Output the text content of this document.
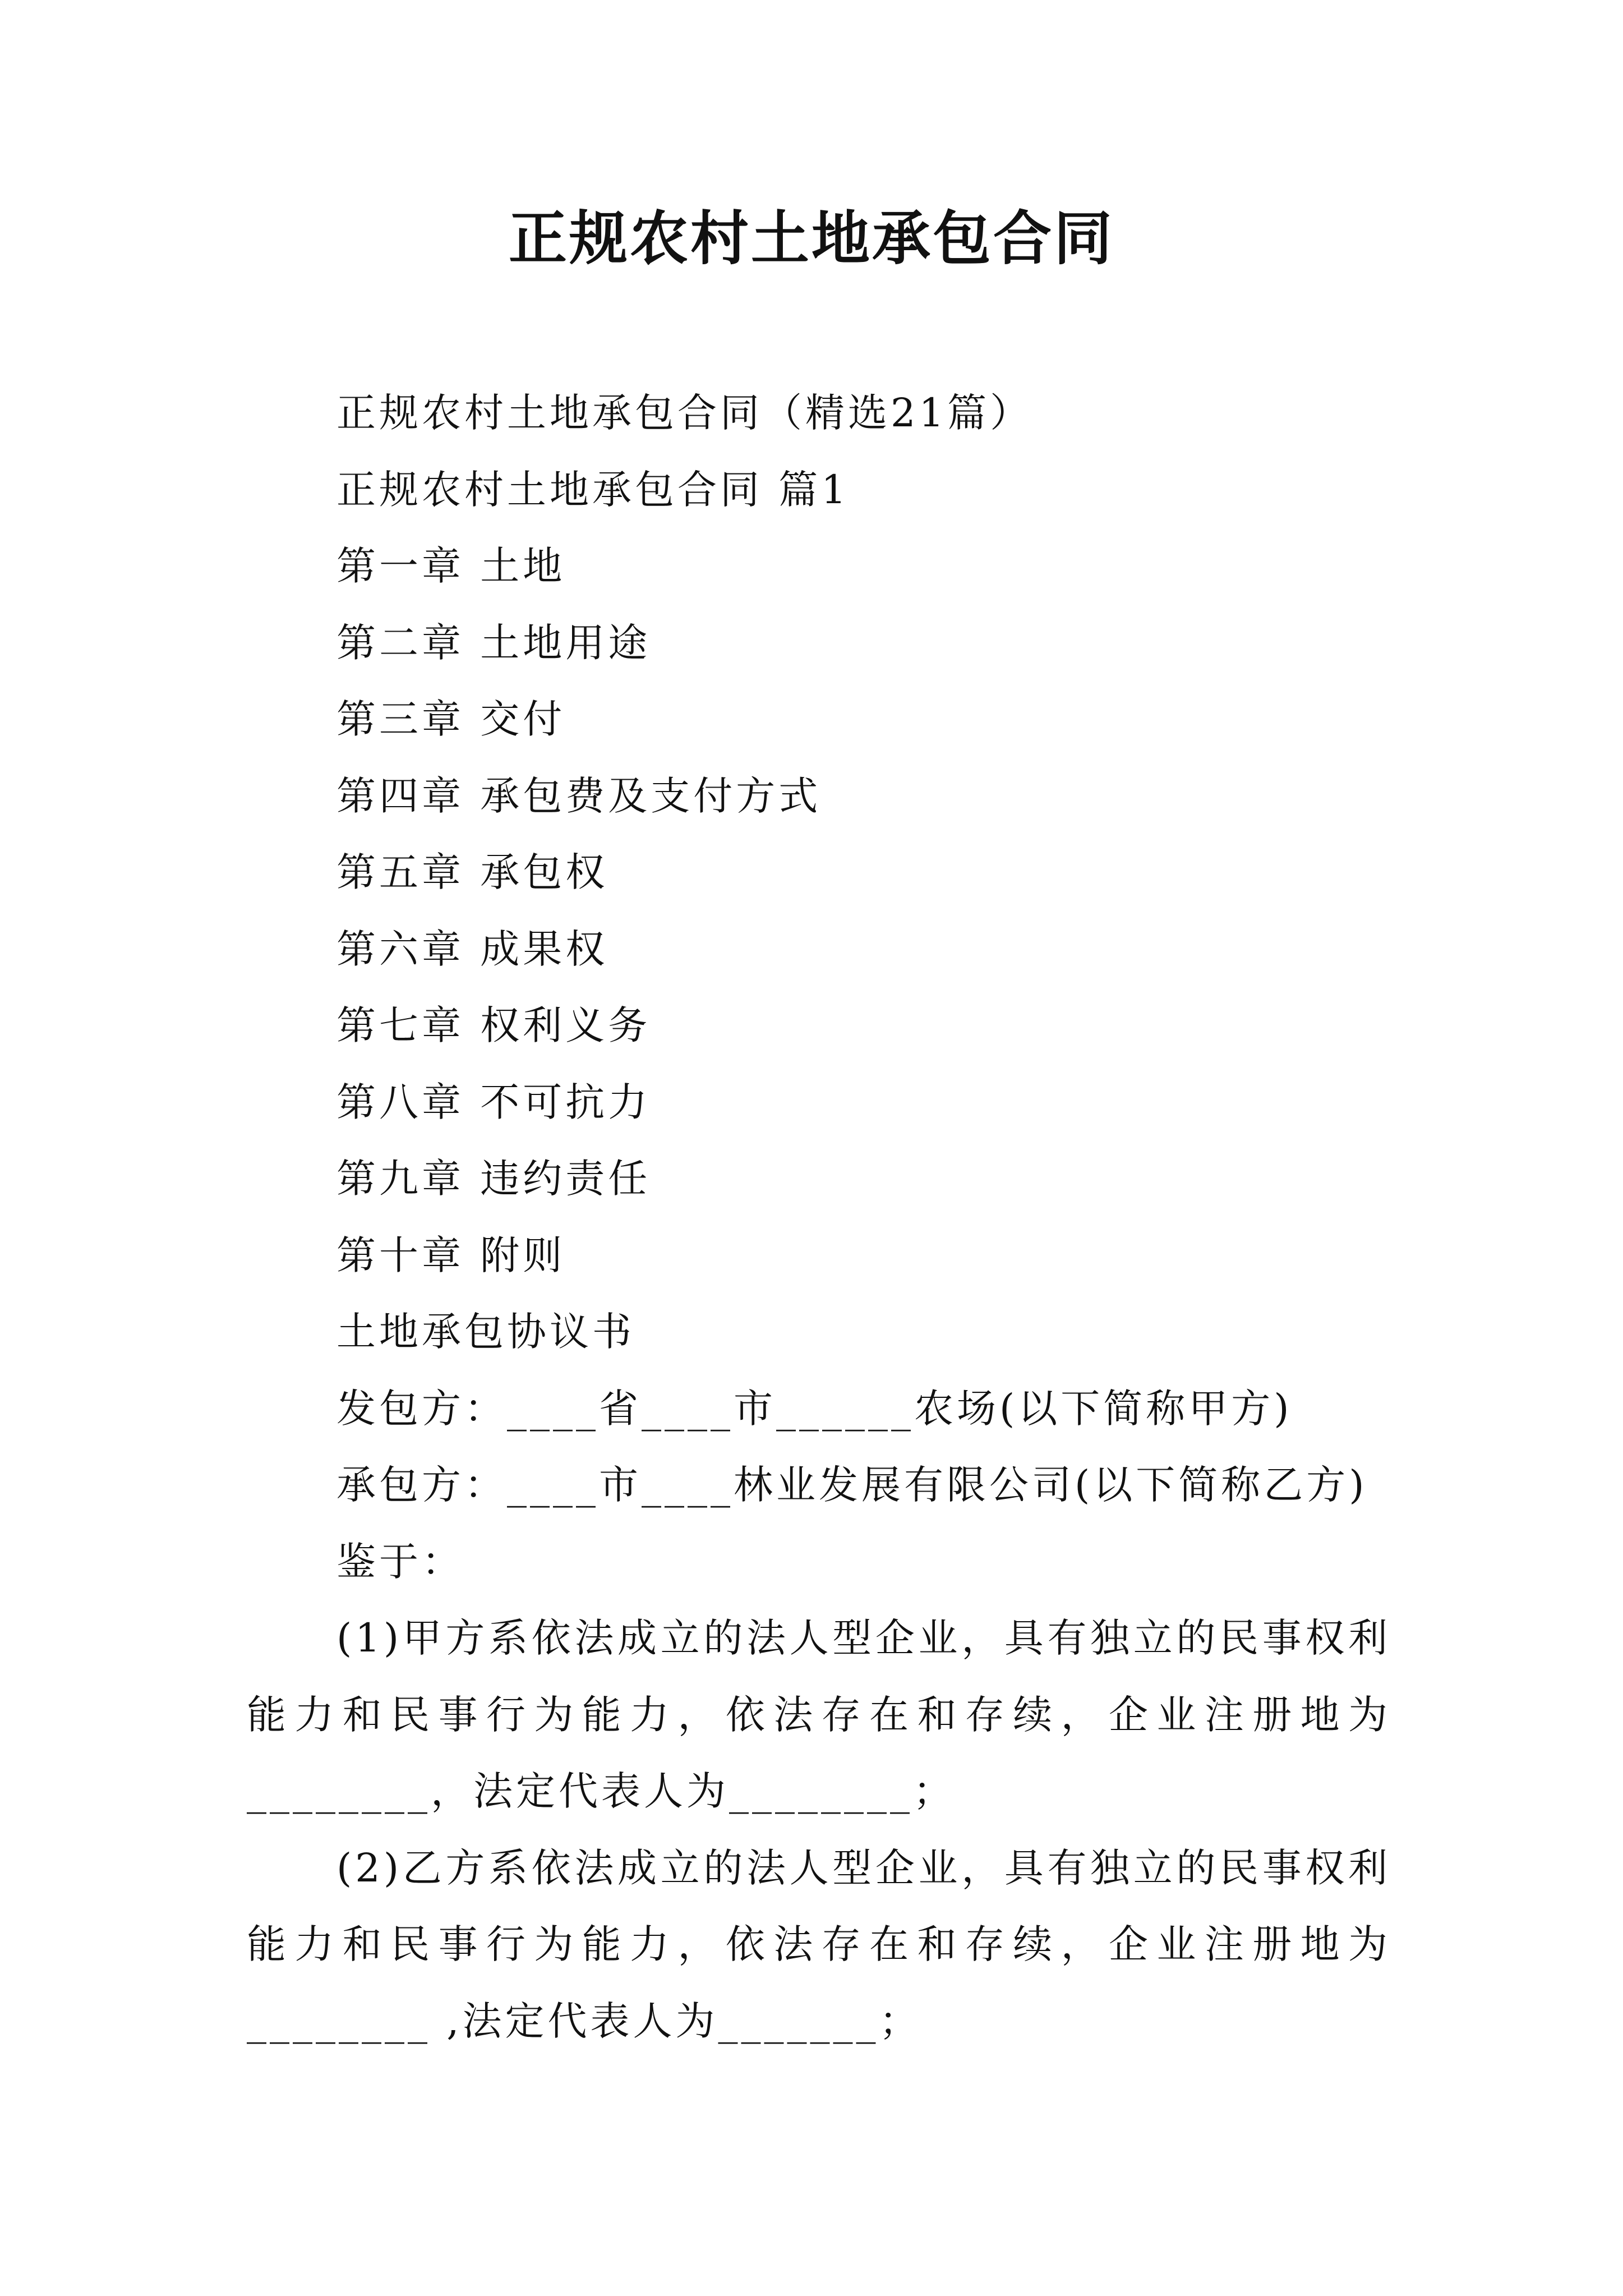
正规农村土地承包合同
正规农村土地承包合同（精选21篇）
正规农村土地承包合同 篇1
第一章 土地
第二章 土地用途
第三章 交付
第四章 承包费及支付方式
第五章 承包权
第六章 成果权
第七章 权利义务
第八章 不可抗力
第九章 违约责任
第十章 附则
土地承包协议书
发包方：____省____市______农场(以下简称甲方)
承包方：____市____林业发展有限公司(以下简称乙方)
鉴于：

(1)甲方系依法成立的法人型企业，具有独立的民事权利能力和民事行为能力，依法存在和存续，企业注册地为________，法定代表人为________；

(2)乙方系依法成立的法人型企业，具有独立的民事权利能力和民事行为能力，依法存在和存续，企业注册地为________ ,法定代表人为_______；
